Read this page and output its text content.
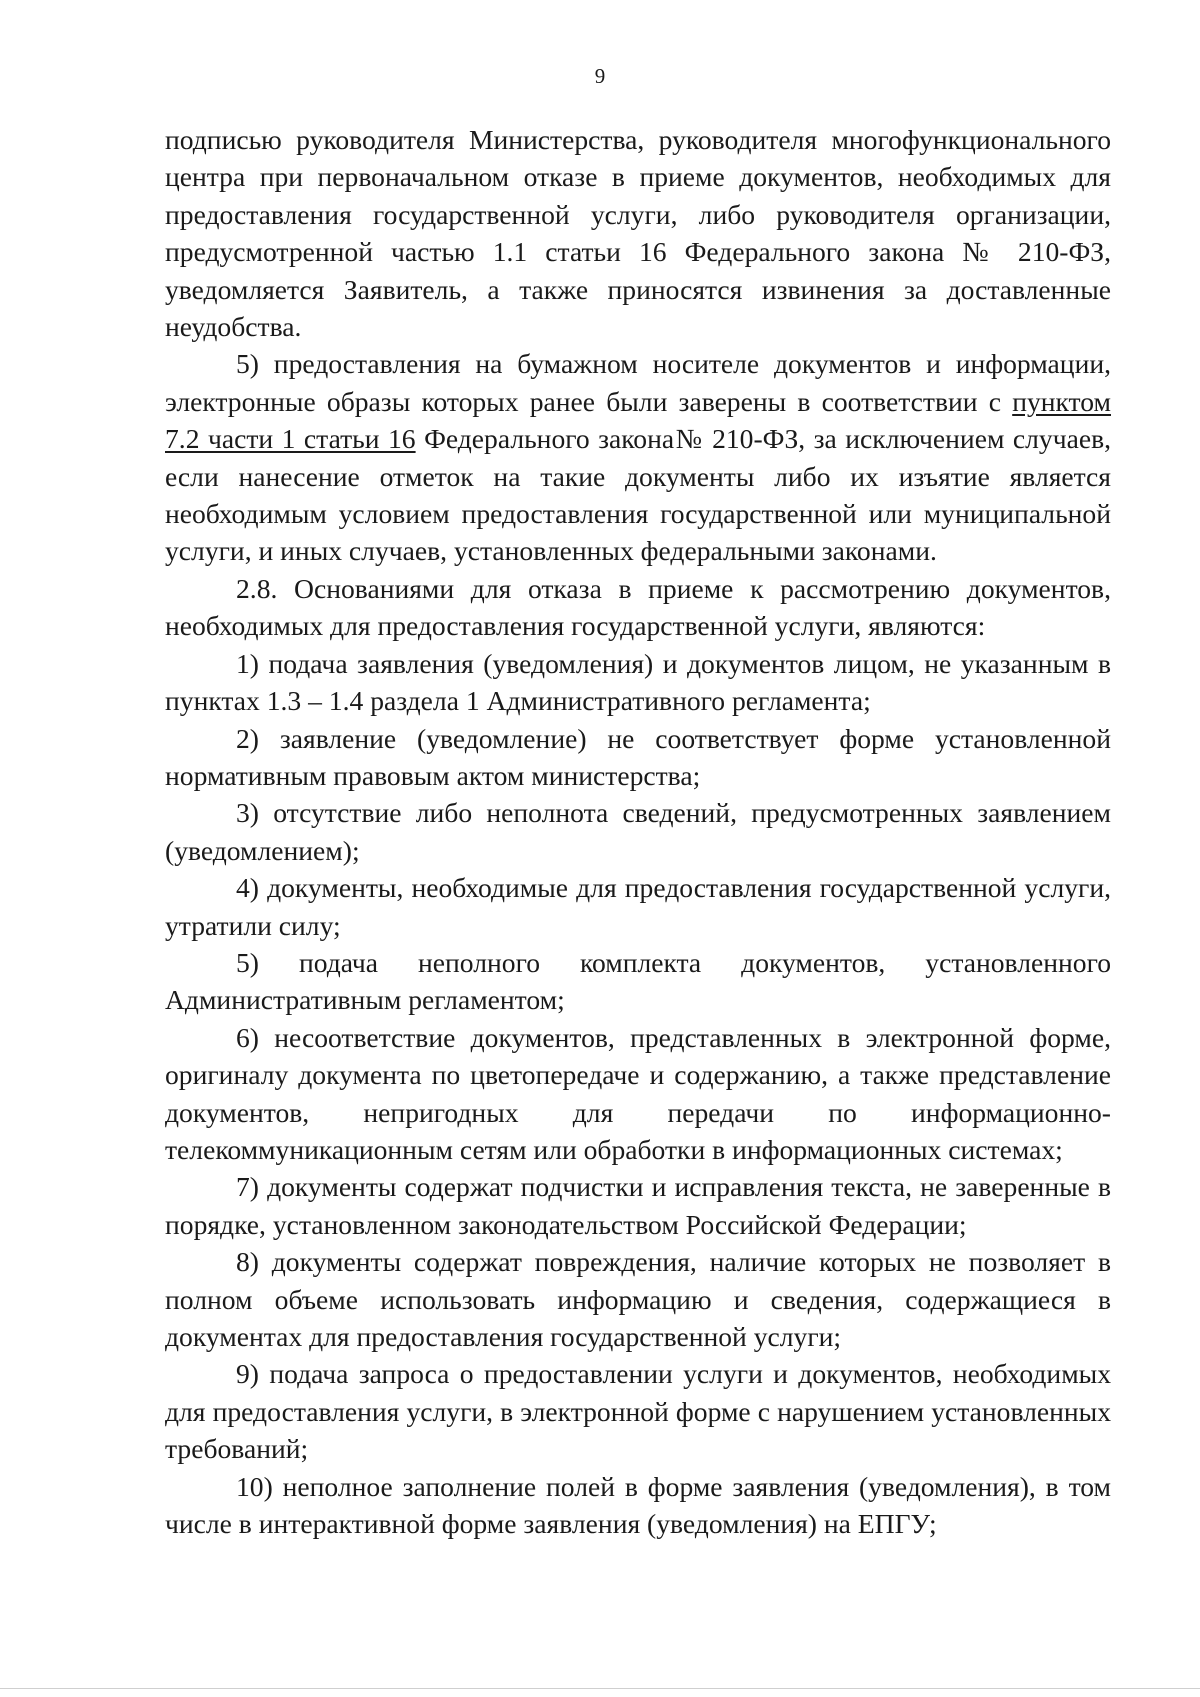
9

подписью руководителя Министерства, руководителя многофункционального центра при первоначальном отказе в приеме документов, необходимых для предоставления государственной услуги, либо руководителя организации, предусмотренной частью 1.1 статьи 16 Федерального закона № 210-ФЗ, уведомляется Заявитель, а также приносятся извинения за доставленные неудобства.

5) предоставления на бумажном носителе документов и информации, электронные образы которых ранее были заверены в соответствии с пунктом 7.2 части 1 статьи 16 Федерального закона№ 210-ФЗ, за исключением случаев, если нанесение отметок на такие документы либо их изъятие является необходимым условием предоставления государственной или муниципальной услуги, и иных случаев, установленных федеральными законами.

2.8. Основаниями для отказа в приеме к рассмотрению документов, необходимых для предоставления государственной услуги, являются:

1) подача заявления (уведомления) и документов лицом, не указанным в пунктах 1.3 – 1.4 раздела 1 Административного регламента;

2) заявление (уведомление) не соответствует форме установленной нормативным правовым актом министерства;

3) отсутствие либо неполнота сведений, предусмотренных заявлением (уведомлением);

4) документы, необходимые для предоставления государственной услуги, утратили силу;

5) подача неполного комплекта документов, установленного Административным регламентом;

6) несоответствие документов, представленных в электронной форме, оригиналу документа по цветопередаче и содержанию, а также представление документов, непригодных для передачи по информационно-телекоммуникационным сетям или обработки в информационных системах;

7) документы содержат подчистки и исправления текста, не заверенные в порядке, установленном законодательством Российской Федерации;

8) документы содержат повреждения, наличие которых не позволяет в полном объеме использовать информацию и сведения, содержащиеся в документах для предоставления государственной услуги;

9) подача запроса о предоставлении услуги и документов, необходимых для предоставления услуги, в электронной форме с нарушением установленных требований;

10) неполное заполнение полей в форме заявления (уведомления), в том числе в интерактивной форме заявления (уведомления) на ЕПГУ;
